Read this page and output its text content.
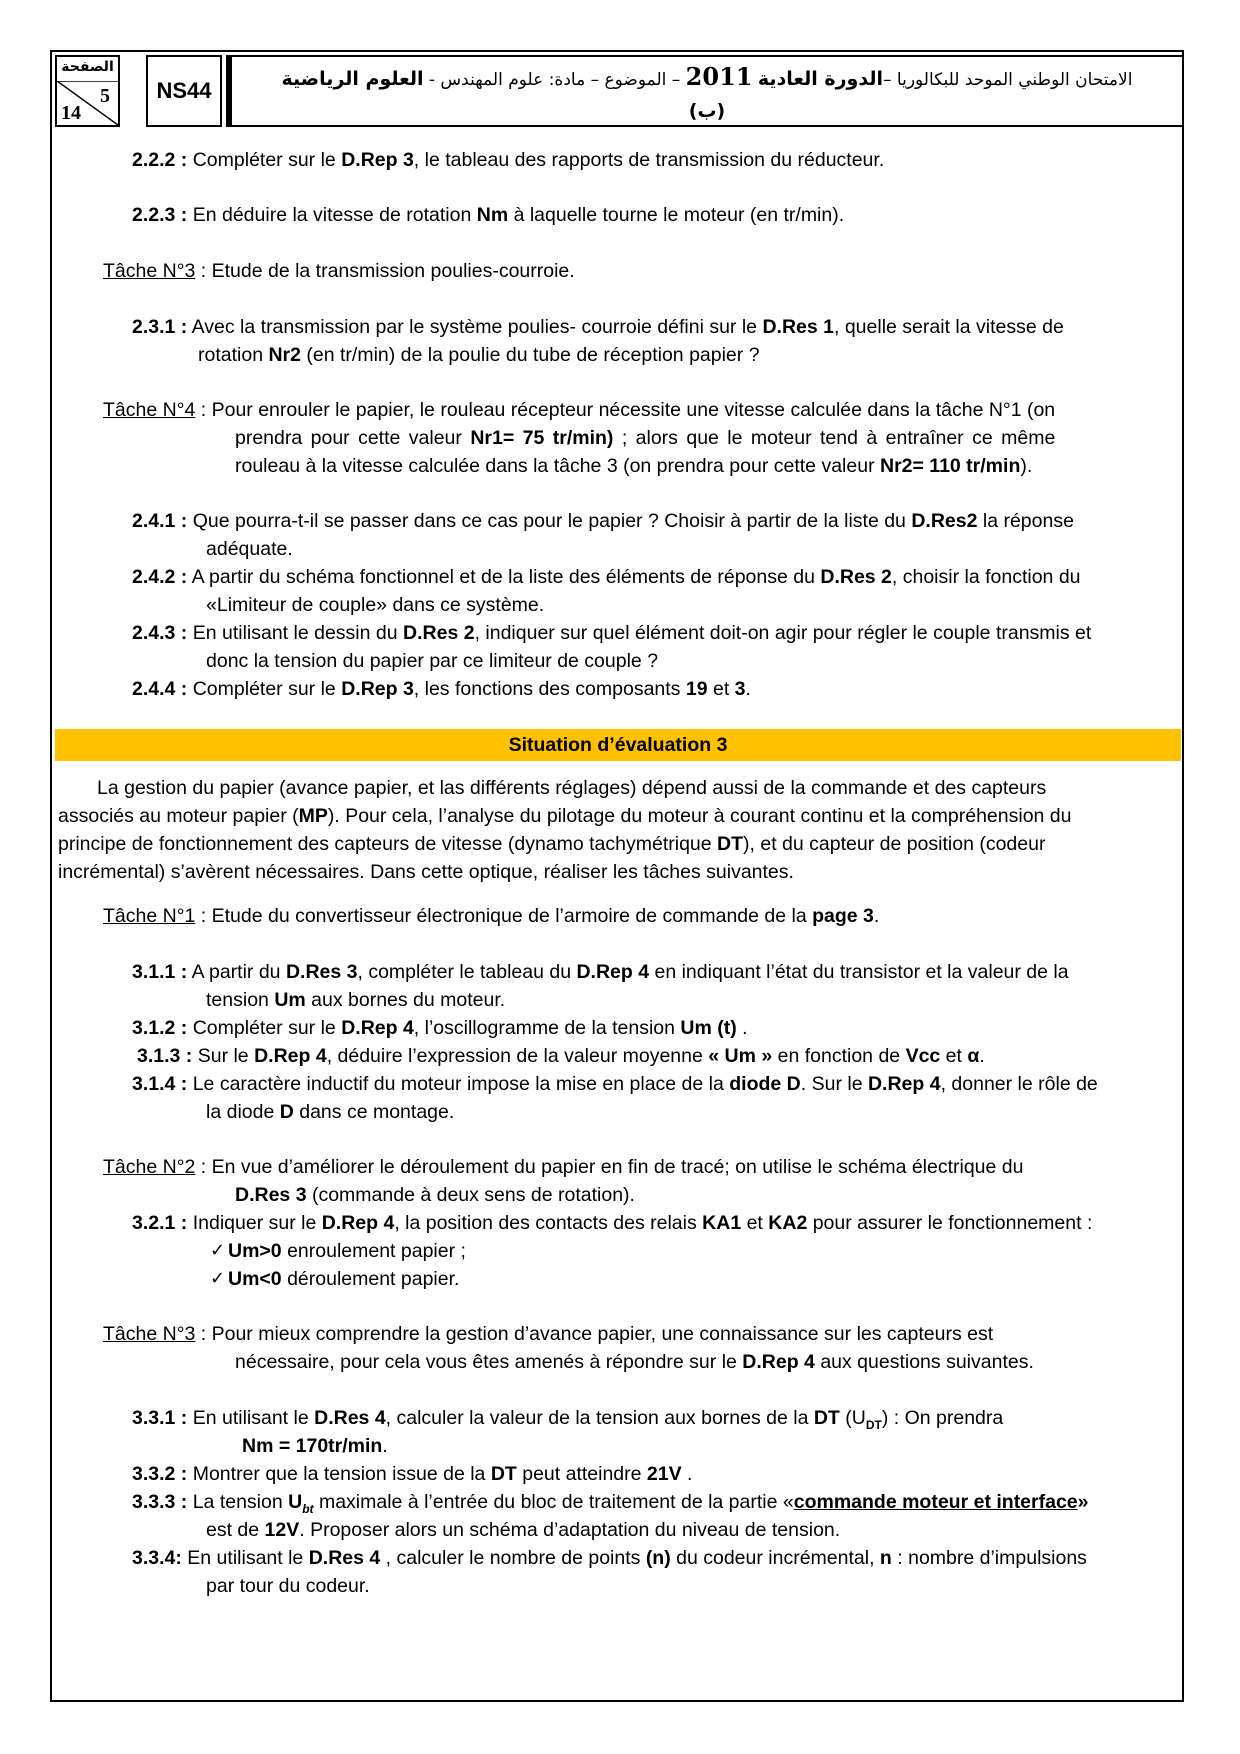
الصفحة
5
14
NS44	الامتحان الوطني الموحد للبكالوريا –الدورة العادية 2011 – الموضوع – مادة: علوم المهندس - العلوم الرياضية
(ب)
2.2.2 : Compléter sur le D.Rep 3, le tableau des rapports de transmission du réducteur.
2.2.3 : En déduire la vitesse de rotation Nm à laquelle tourne le moteur (en tr/min).
Tâche N°3 : Etude de la transmission poulies-courroie.
2.3.1 : Avec la transmission par le système poulies- courroie défini sur le D.Res 1, quelle serait la vitesse de
rotation Nr2 (en tr/min) de la poulie du tube de réception papier ?
Tâche N°4 : Pour enrouler le papier, le rouleau récepteur nécessite une vitesse calculée dans la tâche N°1 (on
prendra pour cette valeur Nr1= 75 tr/min) ; alors que le moteur tend à entraîner ce même
rouleau à la vitesse calculée dans la tâche 3 (on prendra pour cette valeur Nr2= 110 tr/min).
2.4.1 : Que pourra-t-il se passer dans ce cas pour le papier ? Choisir à partir de la liste du D.Res2 la réponse
adéquate.
2.4.2 : A partir du schéma fonctionnel et de la liste des éléments de réponse du D.Res 2, choisir la fonction du
«Limiteur de couple» dans ce système.
2.4.3 : En utilisant le dessin du D.Res 2, indiquer sur quel élément doit-on agir pour régler le couple transmis et
donc la tension du papier par ce limiteur de couple ?
2.4.4 : Compléter sur le D.Rep 3, les fonctions des composants 19 et 3.
Situation d’évaluation 3
La gestion du papier (avance papier, et las différents réglages) dépend aussi de la commande et des capteurs
associés au moteur papier (MP). Pour cela, l’analyse du pilotage du moteur à courant continu et la compréhension du
principe de fonctionnement des capteurs de vitesse (dynamo tachymétrique DT), et du capteur de position (codeur
incrémental) s’avèrent nécessaires. Dans cette optique, réaliser les tâches suivantes.
Tâche N°1 : Etude du convertisseur électronique de l’armoire de commande de la page 3.
3.1.1 : A partir du D.Res 3, compléter le tableau du D.Rep 4 en indiquant l’état du transistor et la valeur de la
tension Um aux bornes du moteur.
3.1.2 : Compléter sur le D.Rep 4, l’oscillogramme de la tension Um (t) .
3.1.3 : Sur le D.Rep 4, déduire l’expression de la valeur moyenne « Um » en fonction de Vcc et α.
3.1.4 : Le caractère inductif du moteur impose la mise en place de la diode D. Sur le D.Rep 4, donner le rôle de
la diode D dans ce montage.
Tâche N°2 : En vue d’améliorer le déroulement du papier en fin de tracé; on utilise le schéma électrique du
D.Res 3 (commande à deux sens de rotation).
3.2.1 : Indiquer sur le D.Rep 4, la position des contacts des relais KA1 et KA2 pour assurer le fonctionnement :
✓ Um>0 enroulement papier ;
✓ Um<0 déroulement papier.
Tâche N°3 : Pour mieux comprendre la gestion d’avance papier, une connaissance sur les capteurs est
nécessaire, pour cela vous êtes amenés à répondre sur le D.Rep 4 aux questions suivantes.
3.3.1 : En utilisant le D.Res 4, calculer la valeur de la tension aux bornes de la DT $(U_{DT})$ : On prendra
Nm = 170tr/min.
3.3.2 : Montrer que la tension issue de la DT peut atteindre 21V .
3.3.3 : La tension $U_{bt}$ maximale à l’entrée du bloc de traitement de la partie «commande moteur et interface»
est de 12V. Proposer alors un schéma d’adaptation du niveau de tension.
3.3.4: En utilisant le D.Res 4 , calculer le nombre de points (n) du codeur incrémental, n : nombre d’impulsions
par tour du codeur.
